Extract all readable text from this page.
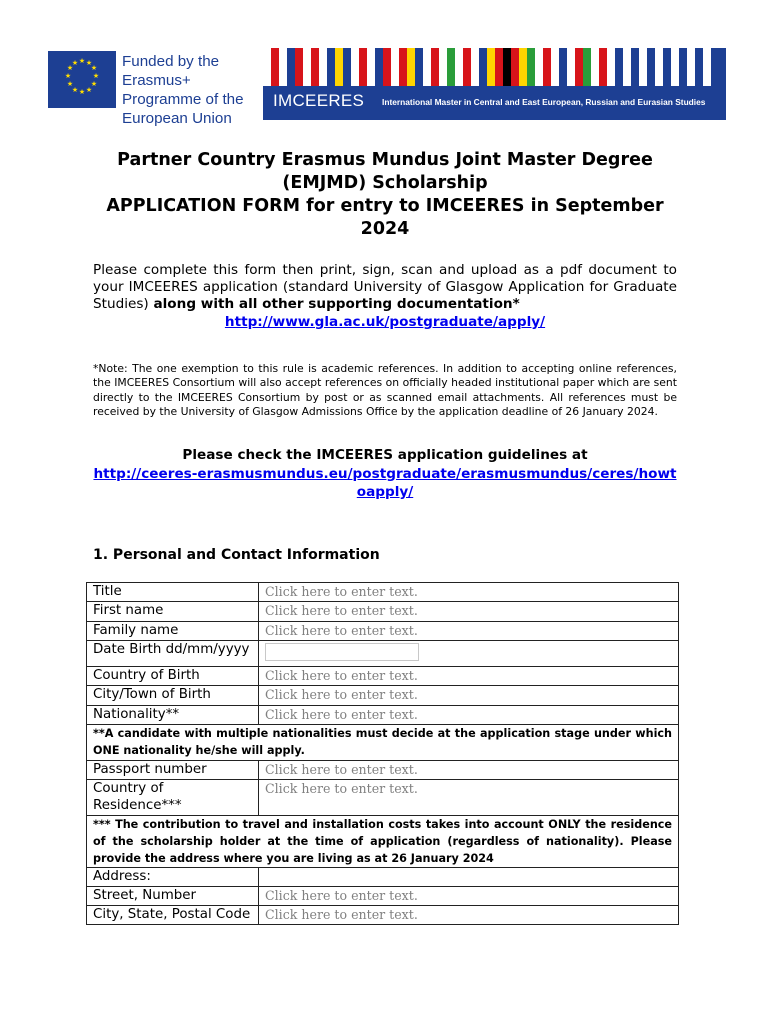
★ ★
★
★
★
★
★
★
★
★
★
★	Funded by the Erasmus+ Programme of the European Union
IMCEERES International Master in Central and East European, Russian and Eurasian Studies
Partner Country Erasmus Mundus Joint Master Degree (EMJMD) Scholarship
APPLICATION FORM for entry to IMCEERES in September 2024
Please complete this form then print, sign, scan and upload as a pdf document to your IMCEERES application (standard University of Glasgow Application for Graduate Studies) along with all other supporting documentation*
http://www.gla.ac.uk/postgraduate/apply/
*Note: The one exemption to this rule is academic references. In addition to accepting online references, the IMCEERES Consortium will also accept references on officially headed institutional paper which are sent directly to the IMCEERES Consortium by post or as scanned email attachments. All references must be received by the University of Glasgow Admissions Office by the application deadline of 26 January 2024.
Please check the IMCEERES application guidelines at
http://ceeres-erasmusmundus.eu/postgraduate/erasmusmundus/ceres/howtoapply/
1. Personal and Contact Information
Title	Click here to enter text.
First name	Click here to enter text.
Family name	Click here to enter text.
Date Birth dd/mm/yyyy	
Country of Birth	Click here to enter text.
City/Town of Birth	Click here to enter text.
Nationality**	Click here to enter text.
**A candidate with multiple nationalities must decide at the application stage under which ONE nationality he/she will apply.	
Passport number	Click here to enter text.
Country of Residence***	Click here to enter text.
*** The contribution to travel and installation costs takes into account ONLY the residence of the scholarship holder at the time of application (regardless of nationality). Please provide the address where you are living as at 26 January 2024	
Address:	
Street, Number	Click here to enter text.
City, State, Postal Code	Click here to enter text.
